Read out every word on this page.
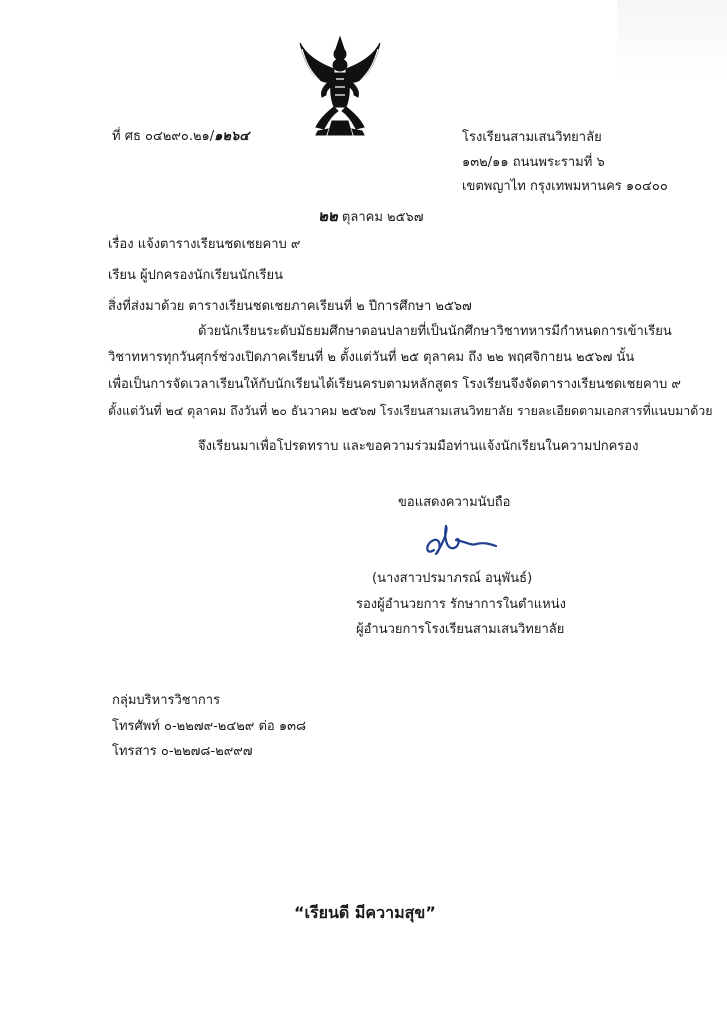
ที่ ศธ ๐๔๒๙๐.๒๑/๑๒๖๔	โรงเรียนสามเสนวิทยาลัย
๑๓๒/๑๑ ถนนพระรามที่ ๖
เขตพญาไท กรุงเทพมหานคร ๑๐๔๐๐
๒๒ ตุลาคม ๒๕๖๗
เรื่อง แจ้งตารางเรียนชดเชยคาบ ๙
เรียน ผู้ปกครองนักเรียนนักเรียน
สิ่งที่ส่งมาด้วย ตารางเรียนชดเชยภาคเรียนที่ ๒ ปีการศึกษา ๒๕๖๗
ด้วยนักเรียนระดับมัธยมศึกษาตอนปลายที่เป็นนักศึกษาวิชาทหารมีกำหนดการเข้าเรียน
วิชาทหารทุกวันศุกร์ช่วงเปิดภาคเรียนที่ ๒ ตั้งแต่วันที่ ๒๕ ตุลาคม ถึง ๒๒ พฤศจิกายน ๒๕๖๗ นั้น
เพื่อเป็นการจัดเวลาเรียนให้กับนักเรียนได้เรียนครบตามหลักสูตร โรงเรียนจึงจัดตารางเรียนชดเชยคาบ ๙
ตั้งแต่วันที่ ๒๔ ตุลาคม ถึงวันที่ ๒๐ ธันวาคม ๒๕๖๗ โรงเรียนสามเสนวิทยาลัย รายละเอียดตามเอกสารที่แนบมาด้วย
จึงเรียนมาเพื่อโปรดทราบ และขอความร่วมมือท่านแจ้งนักเรียนในความปกครอง
ขอแสดงความนับถือ
(นางสาวปรมาภรณ์ อนุพันธ์)
รองผู้อำนวยการ รักษาการในตำแหน่ง
ผู้อำนวยการโรงเรียนสามเสนวิทยาลัย
กลุ่มบริหารวิชาการ
โทรศัพท์ ๐-๒๒๗๙-๒๔๒๙ ต่อ ๑๓๘
โทรสาร ๐-๒๒๗๘-๒๙๙๗
“เรียนดี มีความสุข”
